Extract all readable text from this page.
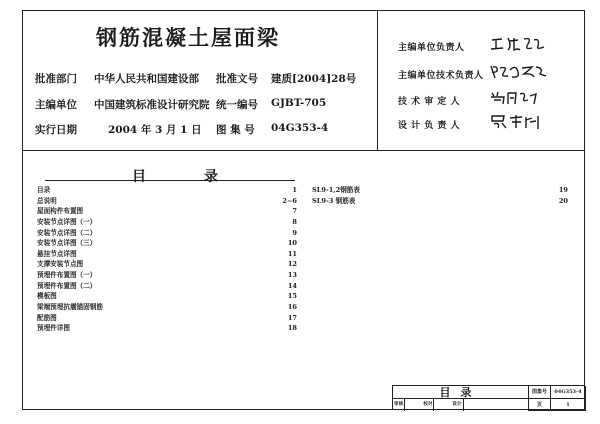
钢筋混凝土屋面梁
批准部门 中华人民共和国建设部 批准文号 建质[2004]28号
主编单位 中国建筑标准设计研究院 统一编号 GJBT-705
实行日期	2004 年 3 月 1 日 图 集 号 04G353-4
主编单位负责人
主编单位技术负责人
技 术 审 定 人
设 计 负 责 人
目	录
目录	1
总说明	2~6
屋面构件布置图	7
安装节点详图（一）	8
安装节点详图（二）	9
安装节点详图（三）	10
悬挂节点详图	11
支撑安装节点图	12
预埋件布置图（一）	13
预埋件布置图（二）	14
模板图	15
梁端预埋抗震锚固钢筋	16
配筋图	17
预埋件详图	18
SL9-1,2钢筋表	19
SL9-3 钢筋表	20
目录	图集号	04G353-4
审核	校对	设计	页	1
